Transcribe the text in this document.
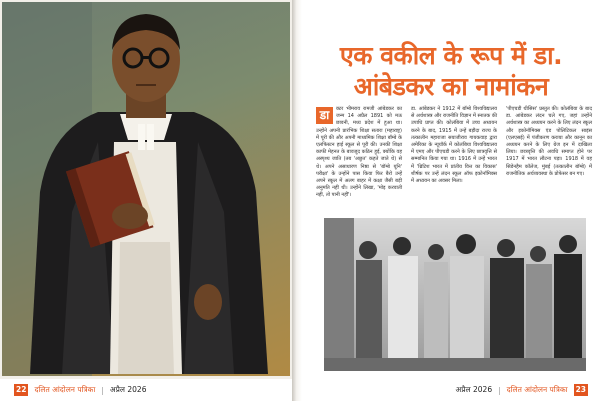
22 दलित आंदोलन पत्रिका | अप्रैल 2026
एक वकील के रूप में डा.
आंबेडकर का नामांकन
डा	क्टर भीमराव रामजी आंबेडकर का जन्म 14 अप्रैल 1891 को मऊ छावनी, मध्य प्रदेश में हुआ था। उन्होंने अपनी प्रारंभिक शिक्षा सतारा (महाराष्ट्र) में पूरी की और अपनी माध्यमिक शिक्षा बॉम्बे के एलफिंस्टन हाई स्कूल से पूरी की। उनकी शिक्षा काफी मेहनत के बावजूद कठिन हुई, क्योंकि वह अस्पृश्य जाति (तब 'अछूत' कहते जाते थे) से थे। अपने असाधारण निष्ठा से 'बॉम्बे यूनि' परीक्षा' के उन्होंने पास किया फिर बैरो उन्हें अपने स्कूल में अलग बाहर में कक्षा जैसी बड़ी अनुमति नहीं थी। उन्होंने लिखा, 'मोइ करवाती नहीं, तो पानी नहीं'।
डा. आंबेडकर ने 1912 में बॉम्बे विश्वविद्यालय से अर्थशास्त्र और राजनीति विज्ञान में स्नातक की उपाधि प्राप्त की। कोलंबिया में उच्च अध्ययन करने के बाद, 1915 में उन्हें बड़ौदा राज्य के तत्कालीन महाराजा सयाजीराव गायकवाड़ द्वारा अमेरिका के न्यूयॉर्क में कोलंबिया विश्वविद्यालय में एमए और पीएचडी करने के लिए छात्रवृत्ति से सम्मानित किया गया था। 1916 में उन्हें भारत में 'ब्रिटिश भारत में प्रांतीय वित्त का विकास' शीर्षक पर उन्हें लंदन स्कूल ऑफ इकोनॉमिक्स में अध्ययन का अवसर मिला।
'पीएचडी थीसिस' प्रस्तुत की। कोलंबिया के बाद डा. आंबेडकर लंदन चले गए, जहां उन्होंने अर्थशास्त्र का अध्ययन करने के लिए लंदन स्कूल और इकोनॉमिक्स एंड पोलिटिकल साइंस (एलएसई) में पंजीकरण कराया और कानून का अध्ययन करने के लिए ग्रेज इन में दाखिला लिया। छात्रवृत्ति की अवधि समाप्त होने पर 1917 में भारत लौटना पड़ा। 1918 में वह सिडेनहैम कॉलेज, मुंबई (तत्कालीन बॉम्बे) में राजनीतिक अर्थव्यवस्था के प्रोफेसर बन गए।
अप्रैल 2026 | दलित आंदोलन पत्रिका 23
